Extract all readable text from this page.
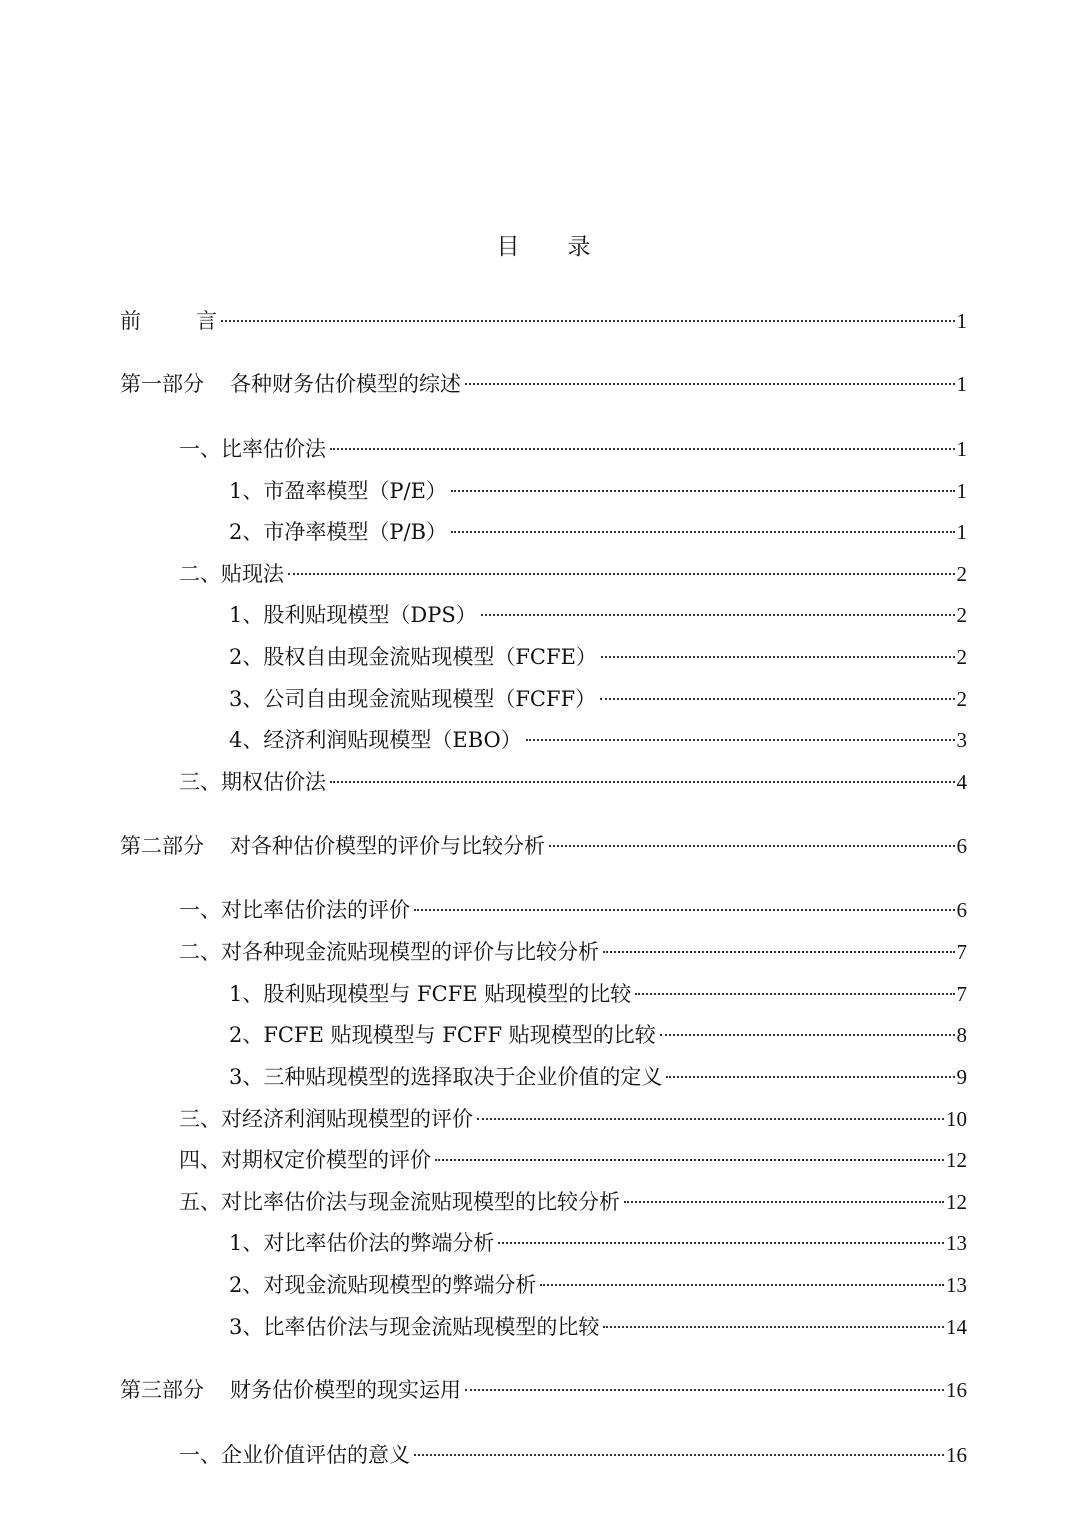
目 录
前	言	1
第一部分 各种财务估价模型的综述	1
一、比率估价法	1
1、市盈率模型（P/E）	1
2、市净率模型（P/B）	1
二、贴现法	2
1、股利贴现模型（DPS）	2
2、股权自由现金流贴现模型（FCFE）	2
3、公司自由现金流贴现模型（FCFF）	2
4、经济利润贴现模型（EBO）	3
三、期权估价法	4
第二部分 对各种估价模型的评价与比较分析	6
一、对比率估价法的评价	6
二、对各种现金流贴现模型的评价与比较分析	7
1、股利贴现模型与 FCFE 贴现模型的比较	7
2、FCFE 贴现模型与 FCFF 贴现模型的比较	8
3、三种贴现模型的选择取决于企业价值的定义	9
三、对经济利润贴现模型的评价	10
四、对期权定价模型的评价	12
五、对比率估价法与现金流贴现模型的比较分析	12
1、对比率估价法的弊端分析	13
2、对现金流贴现模型的弊端分析	13
3、比率估价法与现金流贴现模型的比较	14
第三部分 财务估价模型的现实运用	16
一、企业价值评估的意义	16
